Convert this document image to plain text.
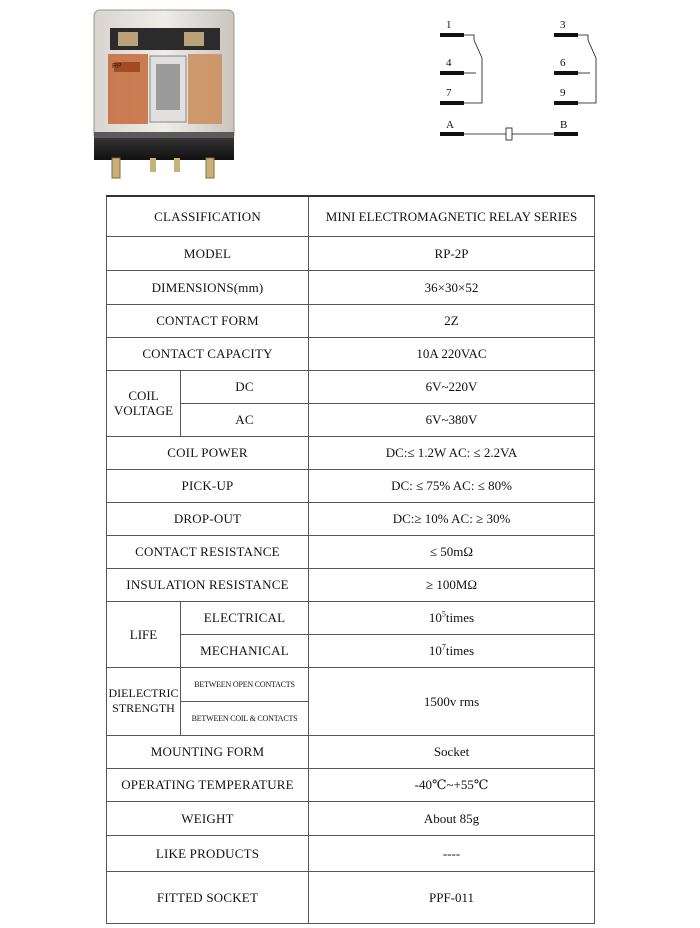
RP
1
4
7
3
6
9
A	B
CLASSIFICATION		MINI ELECTROMAGNETIC RELAY SERIES
MODEL		RP-2P
DIMENSIONS(mm)		36×30×52
CONTACT FORM		2Z
CONTACT CAPACITY		10A 220VAC
COIL
VOLTAGE	DC	6V~220V
	AC	6V~380V
COIL POWER		DC:≤ 1.2W AC: ≤ 2.2VA
PICK-UP		DC: ≤ 75% AC: ≤ 80%
DROP-OUT		DC:≥ 10% AC: ≥ 30%
CONTACT RESISTANCE		≤ 50mΩ
INSULATION RESISTANCE		≥ 100MΩ
LIFE	ELECTRICAL	$10^5times$
	MECHANICAL	$10^7times$
DIELECTRIC
STRENGTH	BETWEEN OPEN CONTACTS	1500v rms
	BETWEEN COIL & CONTACTS	
MOUNTING FORM		Socket
OPERATING TEMPERATURE		-40℃~+55℃
WEIGHT		About 85g
LIKE PRODUCTS		----
FITTED SOCKET		PPF-011
